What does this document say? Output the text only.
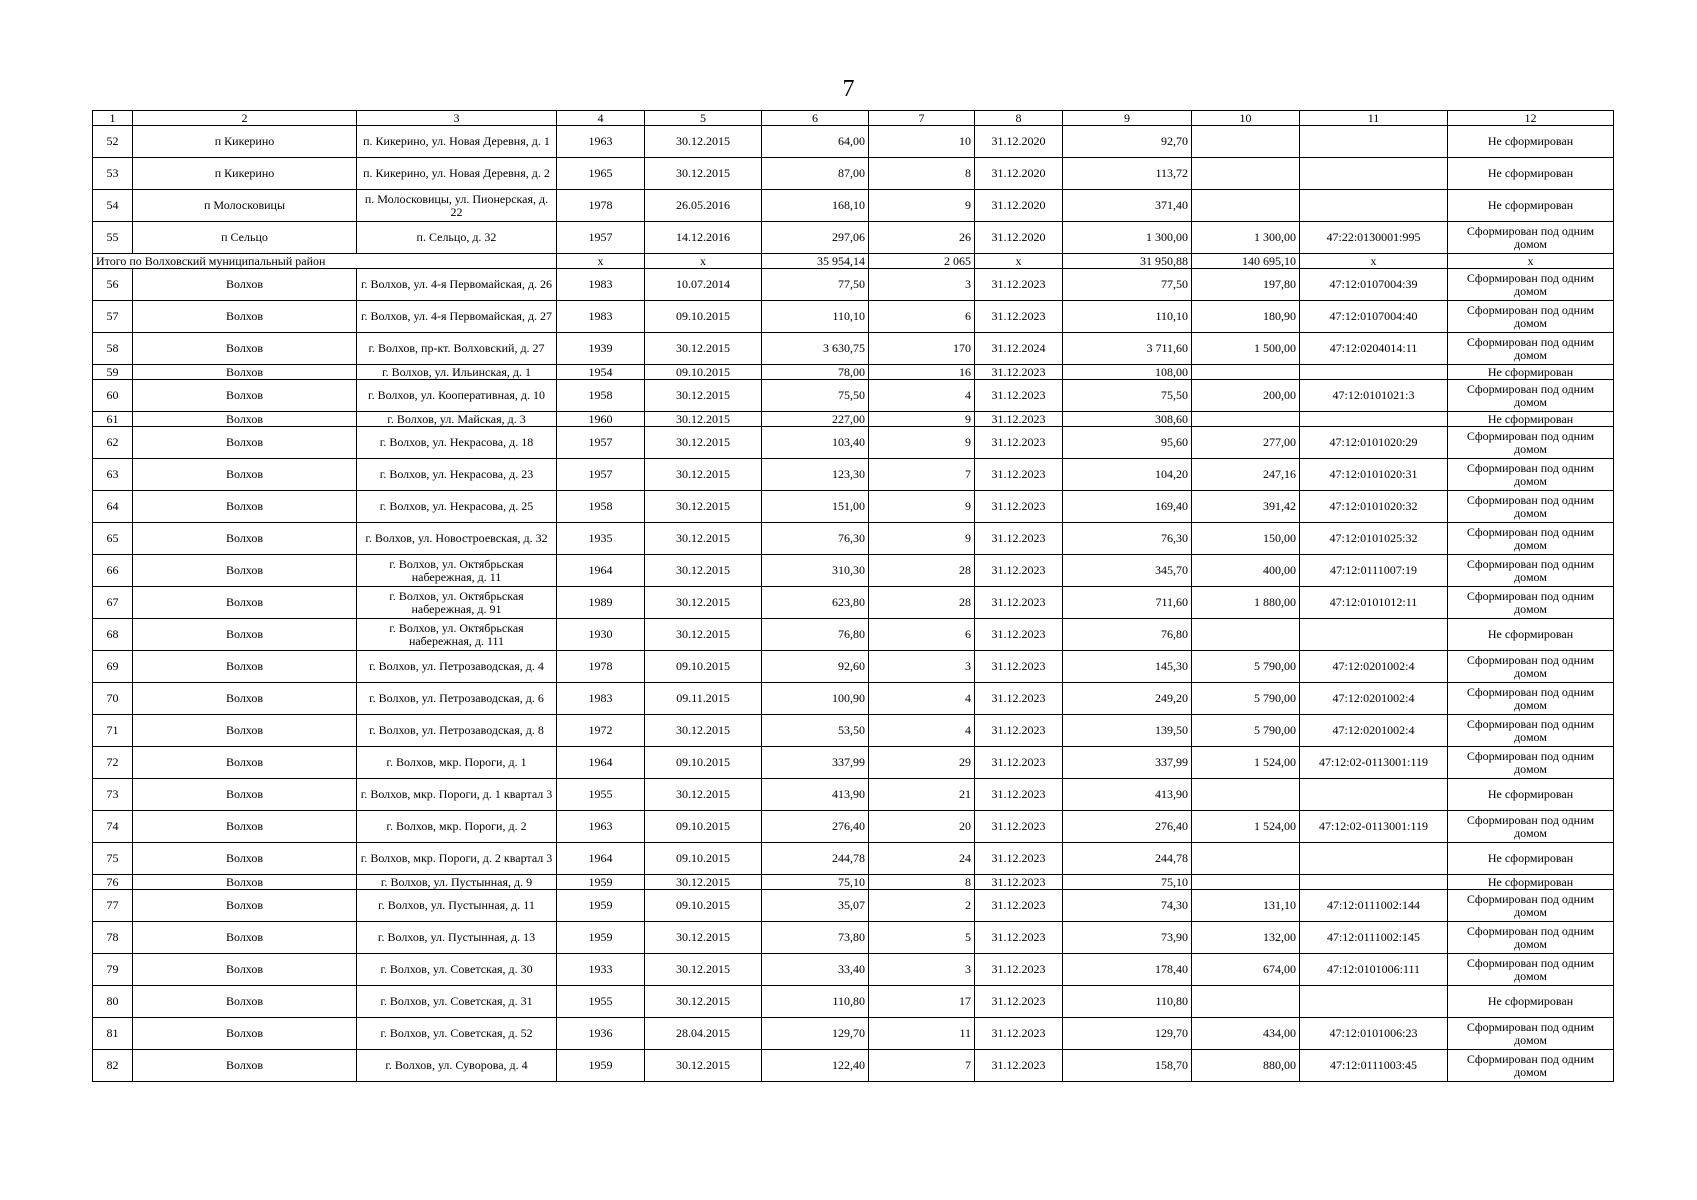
7
1	2	3	4	5	6	7	8	9	10	11	12
52	п Кикерино	п. Кикерино, ул. Новая Деревня, д. 1	1963	30.12.2015	64,00	10	31.12.2020	92,70			Не сформирован
53	п Кикерино	п. Кикерино, ул. Новая Деревня, д. 2	1965	30.12.2015	87,00	8	31.12.2020	113,72			Не сформирован
54	п Молосковицы	п. Молосковицы, ул. Пионерская, д. 22	1978	26.05.2016	168,10	9	31.12.2020	371,40			Не сформирован
55	п Сельцо	п. Сельцо, д. 32	1957	14.12.2016	297,06	26	31.12.2020	1 300,00	1 300,00	47:22:0130001:995	Сформирован под одним домом
Итого по Волховский муниципальный район			x	x	35 954,14	2 065	x	31 950,88	140 695,10	x	x
56	Волхов	г. Волхов, ул. 4-я Первомайская, д. 26	1983	10.07.2014	77,50	3	31.12.2023	77,50	197,80	47:12:0107004:39	Сформирован под одним домом
57	Волхов	г. Волхов, ул. 4-я Первомайская, д. 27	1983	09.10.2015	110,10	6	31.12.2023	110,10	180,90	47:12:0107004:40	Сформирован под одним домом
58	Волхов	г. Волхов, пр-кт. Волховский, д. 27	1939	30.12.2015	3 630,75	170	31.12.2024	3 711,60	1 500,00	47:12:0204014:11	Сформирован под одним домом
59	Волхов	г. Волхов, ул. Ильинская, д. 1	1954	09.10.2015	78,00	16	31.12.2023	108,00			Не сформирован
60	Волхов	г. Волхов, ул. Кооперативная, д. 10	1958	30.12.2015	75,50	4	31.12.2023	75,50	200,00	47:12:0101021:3	Сформирован под одним домом
61	Волхов	г. Волхов, ул. Майская, д. 3	1960	30.12.2015	227,00	9	31.12.2023	308,60			Не сформирован
62	Волхов	г. Волхов, ул. Некрасова, д. 18	1957	30.12.2015	103,40	9	31.12.2023	95,60	277,00	47:12:0101020:29	Сформирован под одним домом
63	Волхов	г. Волхов, ул. Некрасова, д. 23	1957	30.12.2015	123,30	7	31.12.2023	104,20	247,16	47:12:0101020:31	Сформирован под одним домом
64	Волхов	г. Волхов, ул. Некрасова, д. 25	1958	30.12.2015	151,00	9	31.12.2023	169,40	391,42	47:12:0101020:32	Сформирован под одним домом
65	Волхов	г. Волхов, ул. Новостроевская, д. 32	1935	30.12.2015	76,30	9	31.12.2023	76,30	150,00	47:12:0101025:32	Сформирован под одним домом
66	Волхов	г. Волхов, ул. Октябрьская набережная, д. 11	1964	30.12.2015	310,30	28	31.12.2023	345,70	400,00	47:12:0111007:19	Сформирован под одним домом
67	Волхов	г. Волхов, ул. Октябрьская набережная, д. 91	1989	30.12.2015	623,80	28	31.12.2023	711,60	1 880,00	47:12:0101012:11	Сформирован под одним домом
68	Волхов	г. Волхов, ул. Октябрьская набережная, д. 111	1930	30.12.2015	76,80	6	31.12.2023	76,80			Не сформирован
69	Волхов	г. Волхов, ул. Петрозаводская, д. 4	1978	09.10.2015	92,60	3	31.12.2023	145,30	5 790,00	47:12:0201002:4	Сформирован под одним домом
70	Волхов	г. Волхов, ул. Петрозаводская, д. 6	1983	09.11.2015	100,90	4	31.12.2023	249,20	5 790,00	47:12:0201002:4	Сформирован под одним домом
71	Волхов	г. Волхов, ул. Петрозаводская, д. 8	1972	30.12.2015	53,50	4	31.12.2023	139,50	5 790,00	47:12:0201002:4	Сформирован под одним домом
72	Волхов	г. Волхов, мкр. Пороги, д. 1	1964	09.10.2015	337,99	29	31.12.2023	337,99	1 524,00	47:12:02-0113001:119	Сформирован под одним домом
73	Волхов	г. Волхов, мкр. Пороги, д. 1 квартал 3	1955	30.12.2015	413,90	21	31.12.2023	413,90			Не сформирован
74	Волхов	г. Волхов, мкр. Пороги, д. 2	1963	09.10.2015	276,40	20	31.12.2023	276,40	1 524,00	47:12:02-0113001:119	Сформирован под одним домом
75	Волхов	г. Волхов, мкр. Пороги, д. 2 квартал 3	1964	09.10.2015	244,78	24	31.12.2023	244,78			Не сформирован
76	Волхов	г. Волхов, ул. Пустынная, д. 9	1959	30.12.2015	75,10	8	31.12.2023	75,10			Не сформирован
77	Волхов	г. Волхов, ул. Пустынная, д. 11	1959	09.10.2015	35,07	2	31.12.2023	74,30	131,10	47:12:0111002:144	Сформирован под одним домом
78	Волхов	г. Волхов, ул. Пустынная, д. 13	1959	30.12.2015	73,80	5	31.12.2023	73,90	132,00	47:12:0111002:145	Сформирован под одним домом
79	Волхов	г. Волхов, ул. Советская, д. 30	1933	30.12.2015	33,40	3	31.12.2023	178,40	674,00	47:12:0101006:111	Сформирован под одним домом
80	Волхов	г. Волхов, ул. Советская, д. 31	1955	30.12.2015	110,80	17	31.12.2023	110,80			Не сформирован
81	Волхов	г. Волхов, ул. Советская, д. 52	1936	28.04.2015	129,70	11	31.12.2023	129,70	434,00	47:12:0101006:23	Сформирован под одним домом
82	Волхов	г. Волхов, ул. Суворова, д. 4	1959	30.12.2015	122,40	7	31.12.2023	158,70	880,00	47:12:0111003:45	Сформирован под одним домом
